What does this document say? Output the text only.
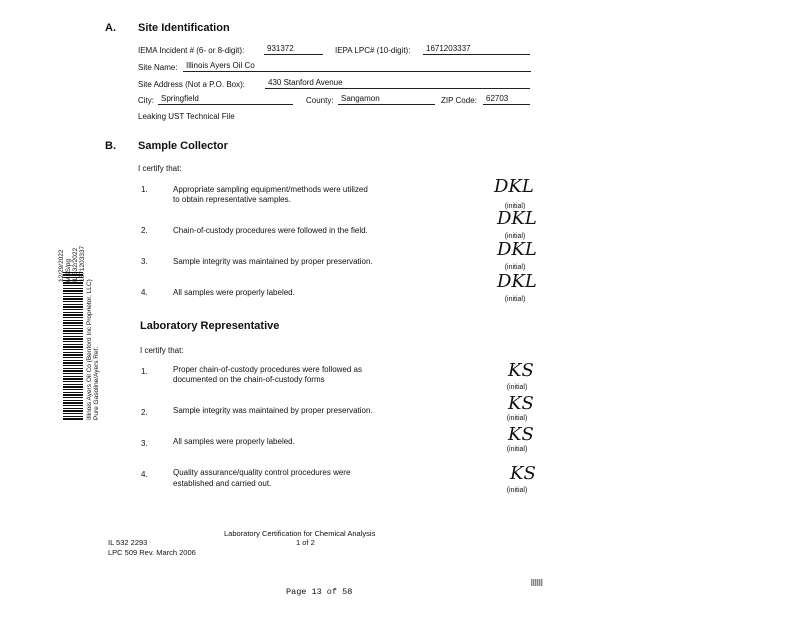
A. Site Identification
IEMA Incident # (6- or 8-digit):	931372	IEPA LPC# (10-digit):	1671203337
Site Name:	Illinois Ayers Oil Co
Site Address (Not a P.O. Box):	430 Stanford Avenue
City: Springfield	County: Sangamon	ZIP Code:	62703
Leaking UST Technical File
B. Sample Collector
I certify that:
1.	Appropriate sampling equipment/methods were utilized
to obtain representative samples.
DKL
(initial)
2.	Chain-of-custody procedures were followed in the field.
DKL
(initial)
3.	Sample integrity was maintained by proper preservation.
DKL
(initial)
4.	All samples were properly labeled.
DKL
(initial)
Laboratory Representative
I certify that:
1.	Proper chain-of-custody procedures were followed as
documented on the chain-of-custody forms	KS
(initial)
2.	Sample integrity was maintained by proper preservation.	KS
(initial)
3.	All samples were properly labeled.	KS
(initial)
4.	Quality assurance/quality control procedures were
established and carried out.	KS
(initial)
Laboratory Certification for Chemical Analysis
1 of 2
IL 532 2293
LPC 509 Rev. March 2006
Page 13 of 58
Illinois Ayers Oil Co (Benford Inc Proprietor, LLC) Pure Gasoline/Ayers Ref.
12/29/2022 MSS/pg IL 532/2022 1671203337
